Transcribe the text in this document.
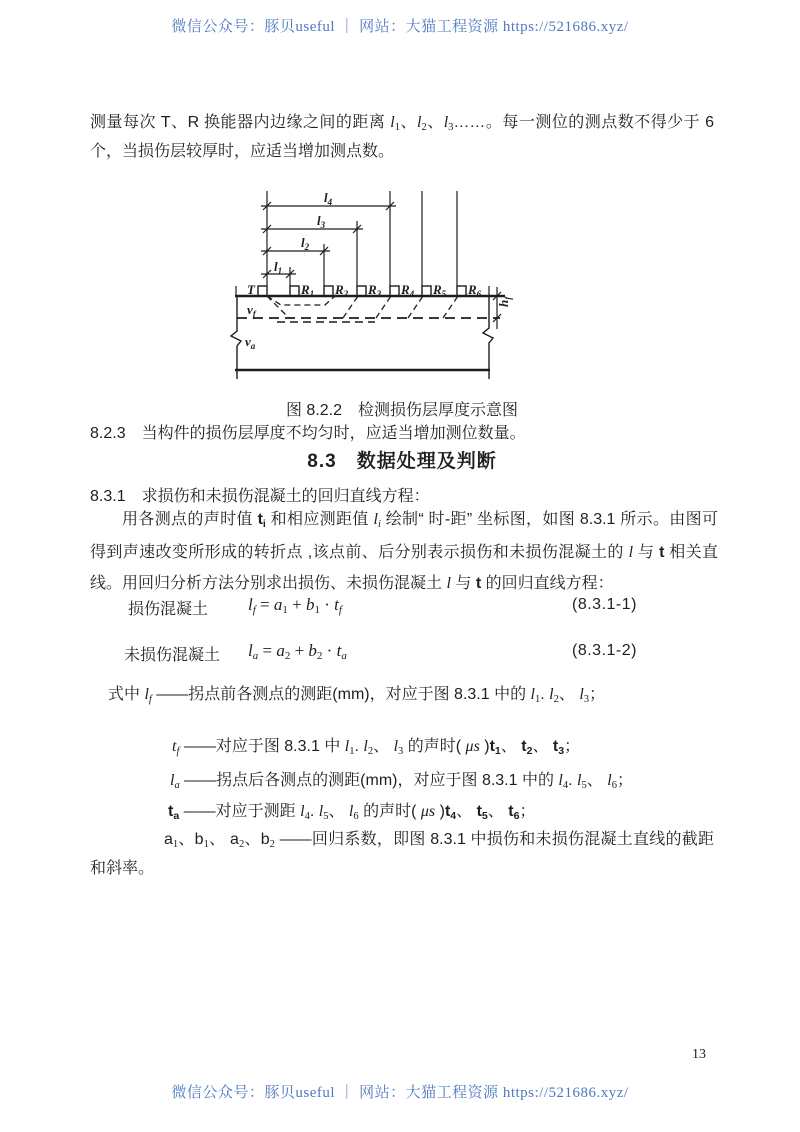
微信公众号：豚贝useful ｜ 网站：大猫工程资源 https://521686.xyz/
测量每次 T、R 换能器内边缘之间的距离 l1、l2、l3……。每一测位的测点数不得少于 6 个，当损伤层较厚时，应适当增加测点数。
$l_1$
$l_2$
$l_3$
$l_4$
T	$R_1$ $R_2$ $R_3$ $R_4$ $R_5$ $R_6$
$v_f$
$v_a$
$h_f$
图 8.2.2　检测损伤层厚度示意图
8.2.3　当构件的损伤层厚度不均匀时，应适当增加测位数量。
8.3　数据处理及判断
8.3.1　求损伤和未损伤混凝土的回归直线方程：
用各测点的声时值 ti 和相应测距值 li 绘制“ 时-距” 坐标图，如图 8.3.1 所示。由图可得到声速改变所形成的转折点 ,该点前、后分别表示损伤和未损伤混凝土的 l 与 t 相关直线。用回归分析方法分别求出损伤、未损伤混凝土 l 与 t 的回归直线方程：
损伤混凝土 lf = a1 + b1 · tf	(8.3.1-1)
未损伤混凝土 la = a2 + b2 · ta	(8.3.1-2)
式中 lf ——拐点前各测点的测距(mm)，对应于图 8.3.1 中的 l1. l2、 l3；
tf ——对应于图 8.3.1 中 l1. l2、 l3 的声时( μs )t1、 t2、 t3；
la ——拐点后各测点的测距(mm)，对应于图 8.3.1 中的 l4. l5、 l6；
ta ——对应于测距 l4. l5、 l6 的声时( μs )t4、 t5、 t6；
a1、b1、 a2、b2 ——回归系数，即图 8.3.1 中损伤和未损伤混凝土直线的截距和斜率。
13
微信公众号：豚贝useful ｜ 网站：大猫工程资源 https://521686.xyz/
